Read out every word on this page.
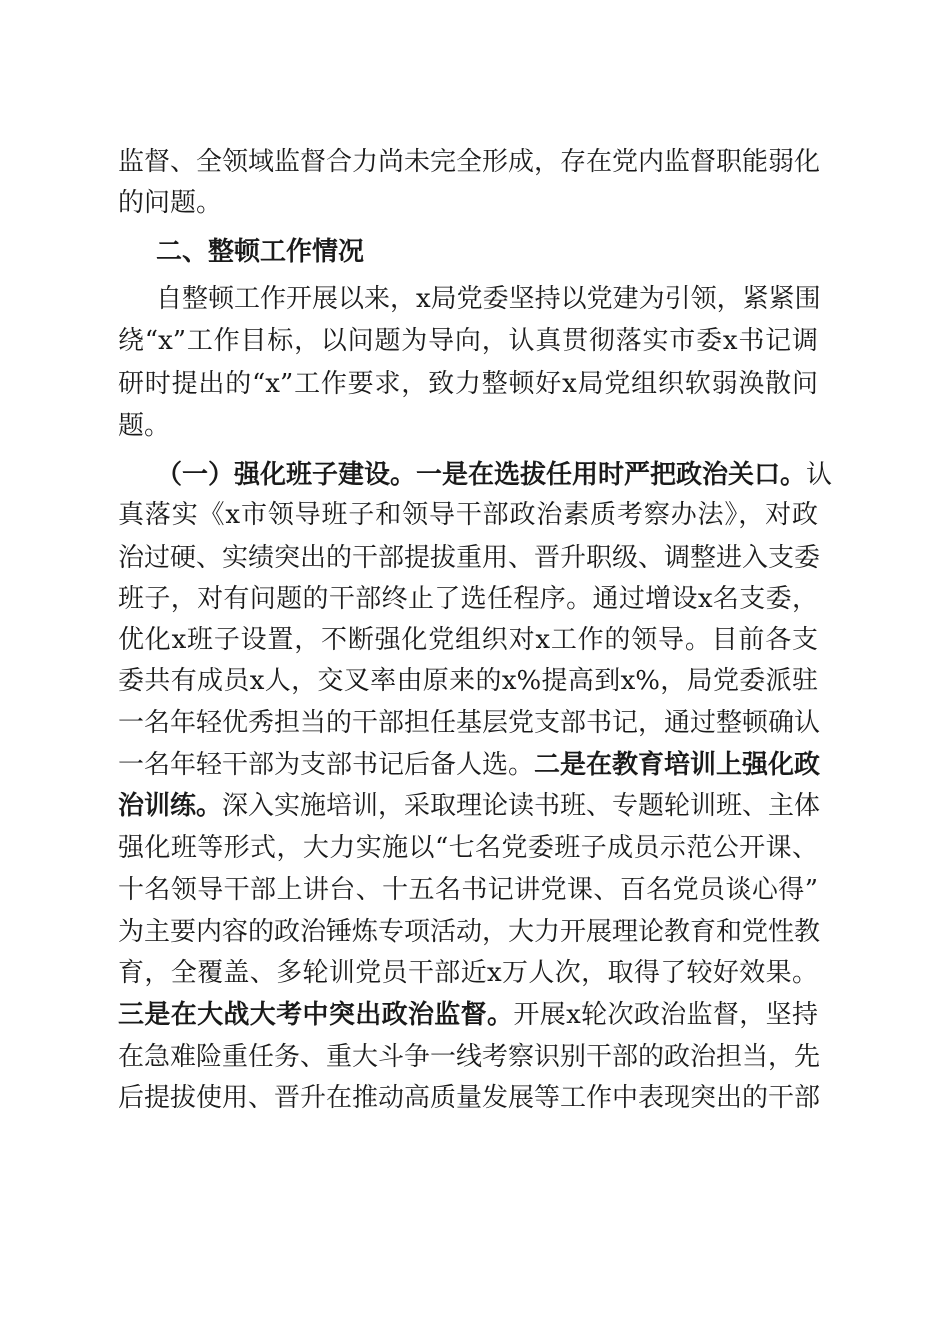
监督、全领域监督合力尚未完全形成，存在党内监督职能弱化
的问题。
二、整顿工作情况
自整顿工作开展以来，x局党委坚持以党建为引领，紧紧围
绕“x”工作目标，以问题为导向，认真贯彻落实市委x书记调
研时提出的“x”工作要求，致力整顿好x局党组织软弱涣散问
题。
（一）强化班子建设。一是在选拔任用时严把政治关口。认
真落实《x市领导班子和领导干部政治素质考察办法》，对政
治过硬、实绩突出的干部提拔重用、晋升职级、调整进入支委
班子，对有问题的干部终止了选任程序。通过增设x名支委，
优化x班子设置，不断强化党组织对x工作的领导。目前各支
委共有成员x人，交叉率由原来的x%提高到x%，局党委派驻
一名年轻优秀担当的干部担任基层党支部书记，通过整顿确认
一名年轻干部为支部书记后备人选。二是在教育培训上强化政
治训练。深入实施培训，采取理论读书班、专题轮训班、主体
强化班等形式，大力实施以“七名党委班子成员示范公开课、
十名领导干部上讲台、十五名书记讲党课、百名党员谈心得”
为主要内容的政治锤炼专项活动，大力开展理论教育和党性教
育，全覆盖、多轮训党员干部近x万人次，取得了较好效果。
三是在大战大考中突出政治监督。开展x轮次政治监督，坚持
在急难险重任务、重大斗争一线考察识别干部的政治担当，先
后提拔使用、晋升在推动高质量发展等工作中表现突出的干部
